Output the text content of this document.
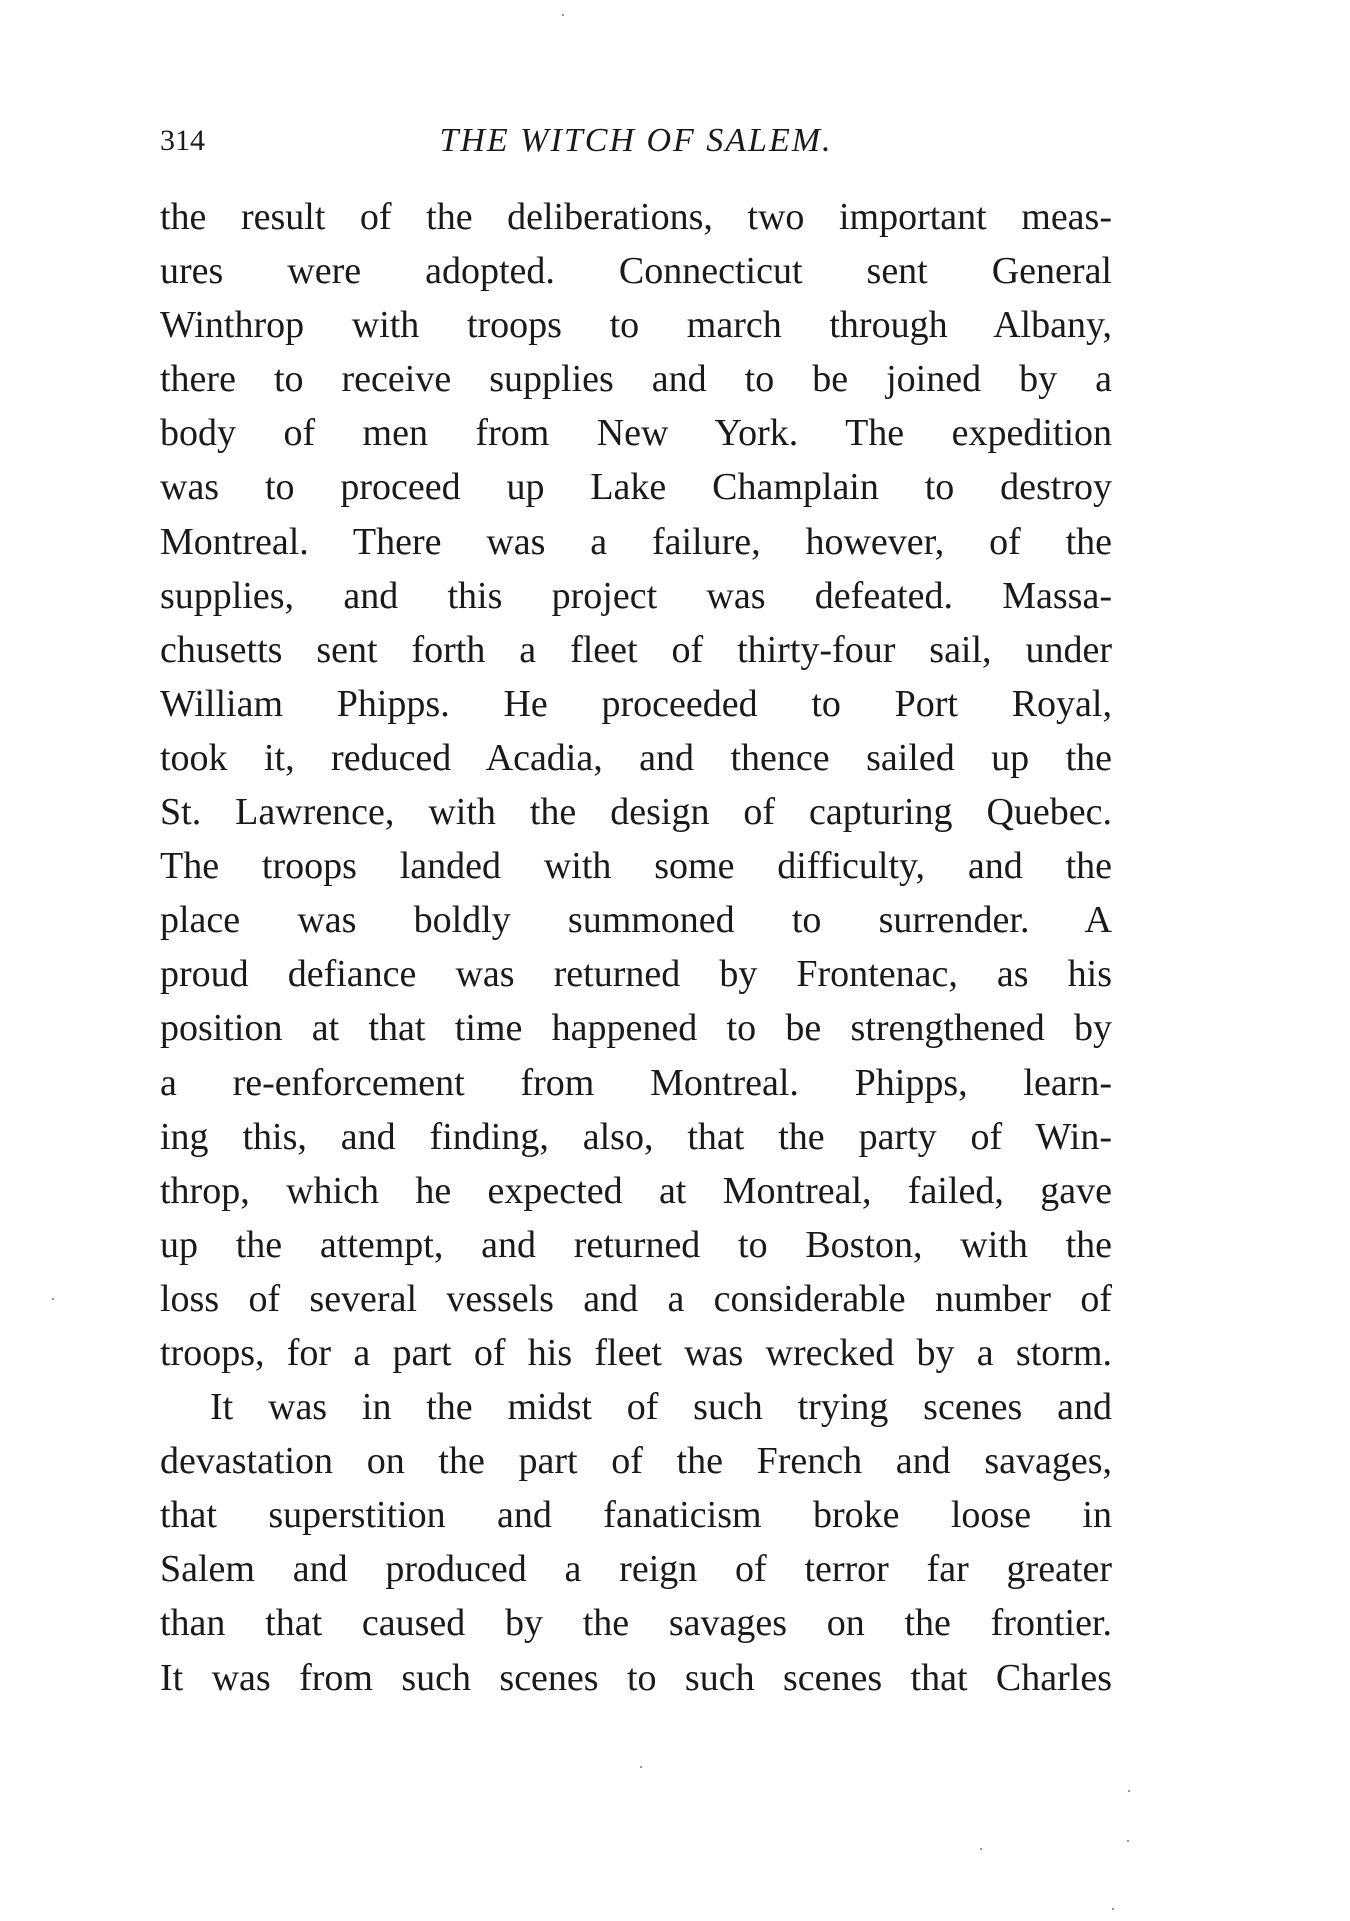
314	THE WITCH OF SALEM.
the result of the deliberations, two important meas-
ures were adopted. Connecticut sent General
Winthrop with troops to march through Albany,
there to receive supplies and to be joined by a
body of men from New York. The expedition
was to proceed up Lake Champlain to destroy
Montreal. There was a failure, however, of the
supplies, and this project was defeated. Massa-
chusetts sent forth a fleet of thirty-four sail, under
William Phipps. He proceeded to Port Royal,
took it, reduced Acadia, and thence sailed up the
St. Lawrence, with the design of capturing Quebec.
The troops landed with some difficulty, and the
place was boldly summoned to surrender. A
proud defiance was returned by Frontenac, as his
position at that time happened to be strengthened by
a re-enforcement from Montreal. Phipps, learn-
ing this, and finding, also, that the party of Win-
throp, which he expected at Montreal, failed, gave
up the attempt, and returned to Boston, with the
loss of several vessels and a considerable number of
troops, for a part of his fleet was wrecked by a storm.
It was in the midst of such trying scenes and
devastation on the part of the French and savages,
that superstition and fanaticism broke loose in
Salem and produced a reign of terror far greater
than that caused by the savages on the frontier.
It was from such scenes to such scenes that Charles
